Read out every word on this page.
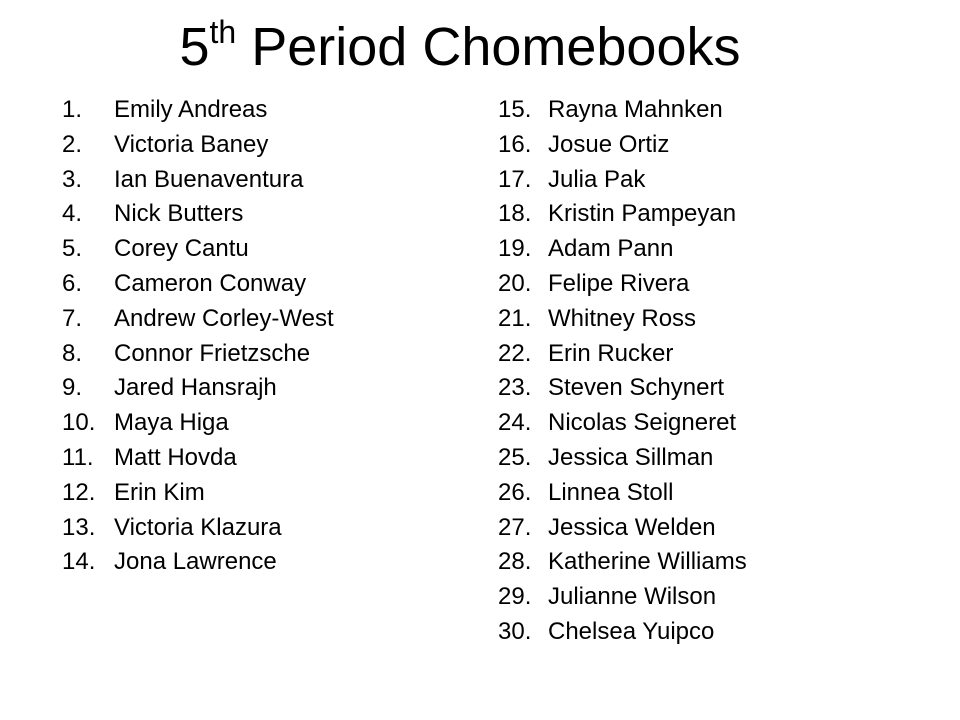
5th Period Chomebooks
1.	Emily Andreas
2.	Victoria Baney
3.	Ian Buenaventura
4.	Nick Butters
5.	Corey Cantu
6.	Cameron Conway
7.	Andrew Corley-West
8.	Connor Frietzsche
9.	Jared Hansrajh
10. Maya Higa
11. Matt Hovda
12. Erin Kim
13. Victoria Klazura
14. Jona Lawrence
15. Rayna Mahnken
16. Josue Ortiz
17. Julia Pak
18. Kristin Pampeyan
19. Adam Pann
20. Felipe Rivera
21. Whitney Ross
22. Erin Rucker
23. Steven Schynert
24. Nicolas Seigneret
25. Jessica Sillman
26. Linnea Stoll
27. Jessica Welden
28. Katherine Williams
29. Julianne Wilson
30. Chelsea Yuipco
